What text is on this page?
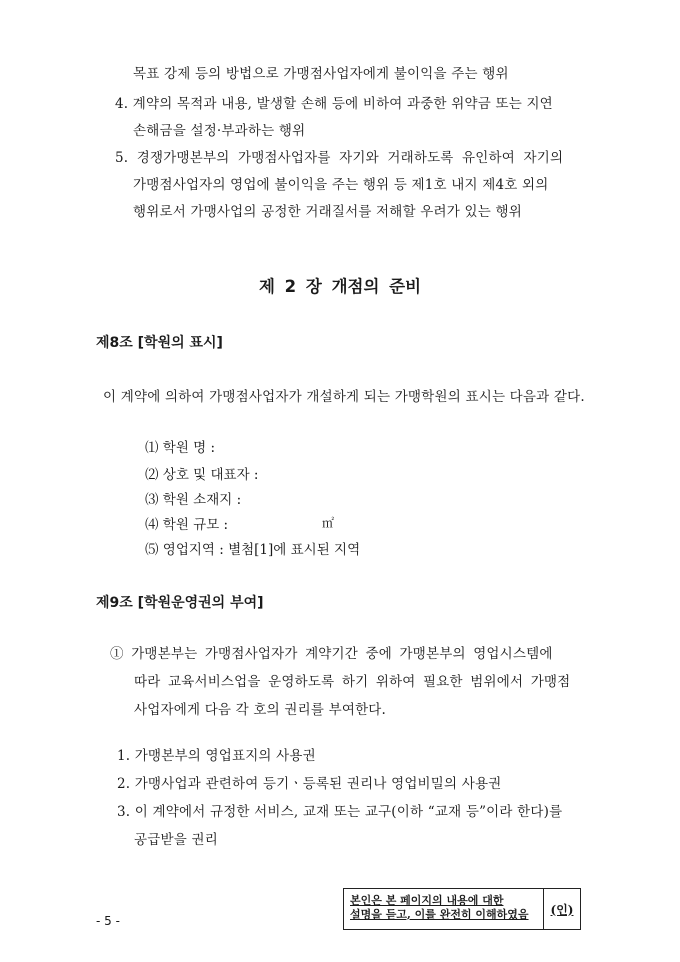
목표 강제 등의 방법으로 가맹점사업자에게 불이익을 주는 행위
4. 계약의 목적과 내용, 발생할 손해 등에 비하여 과중한 위약금 또는 지연
손해금을 설정·부과하는 행위
5. 경쟁가맹본부의 가맹점사업자를 자기와 거래하도록 유인하여 자기의
가맹점사업자의 영업에 불이익을 주는 행위 등 제1호 내지 제4호 외의
행위로서 가맹사업의 공정한 거래질서를 저해할 우려가 있는 행위
제 2 장 개점의 준비
제8조 [학원의 표시]
이 계약에 의하여 가맹점사업자가 개설하게 되는 가맹학원의 표시는 다음과 같다.
⑴ 학원 명 :
⑵ 상호 및 대표자 :
⑶ 학원 소재지 :
⑷ 학원 규모 :	㎡
⑸ 영업지역 : 별첨[1]에 표시된 지역
제9조 [학원운영권의 부여]
① 가맹본부는 가맹점사업자가 계약기간 중에 가맹본부의 영업시스템에
따라 교육서비스업을 운영하도록 하기 위하여 필요한 범위에서 가맹점
사업자에게 다음 각 호의 권리를 부여한다.
1. 가맹본부의 영업표지의 사용권
2. 가맹사업과 관련하여 등기ㆍ등록된 권리나 영업비밀의 사용권
3. 이 계약에서 규정한 서비스, 교재 또는 교구(이하 “교재 등”이라 한다)를
공급받을 권리
- 5 -
본인은 본 페이지의 내용에 대한
설명을 듣고, 이를 완전히 이해하였음	(인)
